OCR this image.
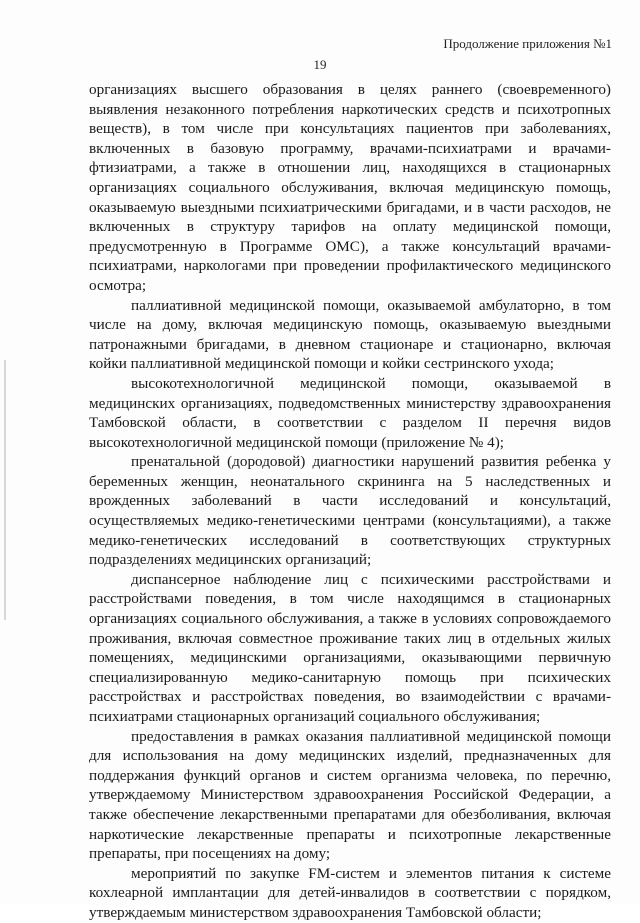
Продолжение приложения №1
19

организациях высшего образования в целях раннего (своевременного) выявления незаконного потребления наркотических средств и психотропных веществ), в том числе при консультациях пациентов при заболеваниях, включенных в базовую программу, врачами-психиатрами и врачами-фтизиатрами, а также в отношении лиц, находящихся в стационарных организациях социального обслуживания, включая медицинскую помощь, оказываемую выездными психиатрическими бригадами, и в части расходов, не включенных в структуру тарифов на оплату медицинской помощи, предусмотренную в Программе ОМС), а также консультаций врачами-психиатрами, наркологами при проведении профилактического медицинского осмотра;

паллиативной медицинской помощи, оказываемой амбулаторно, в том числе на дому, включая медицинскую помощь, оказываемую выездными патронажными бригадами, в дневном стационаре и стационарно, включая койки паллиативной медицинской помощи и койки сестринского ухода;

высокотехнологичной медицинской помощи, оказываемой в медицинских организациях, подведомственных министерству здравоохранения Тамбовской области, в соответствии с разделом II перечня видов высокотехнологичной медицинской помощи (приложение № 4);

пренатальной (дородовой) диагностики нарушений развития ребенка у беременных женщин, неонатального скрининга на 5 наследственных и врожденных заболеваний в части исследований и консультаций, осуществляемых медико-генетическими центрами (консультациями), а также медико-генетических исследований в соответствующих структурных подразделениях медицинских организаций;

диспансерное наблюдение лиц с психическими расстройствами и расстройствами поведения, в том числе находящимся в стационарных организациях социального обслуживания, а также в условиях сопровождаемого проживания, включая совместное проживание таких лиц в отдельных жилых помещениях, медицинскими организациями, оказывающими первичную специализированную медико-санитарную помощь при психических расстройствах и расстройствах поведения, во взаимодействии с врачами-психиатрами стационарных организаций социального обслуживания;

предоставления в рамках оказания паллиативной медицинской помощи для использования на дому медицинских изделий, предназначенных для поддержания функций органов и систем организма человека, по перечню, утверждаемому Министерством здравоохранения Российской Федерации, а также обеспечение лекарственными препаратами для обезболивания, включая наркотические лекарственные препараты и психотропные лекарственные препараты, при посещениях на дому;

мероприятий по закупке FM-систем и элементов питания к системе кохлеарной имплантации для детей-инвалидов в соответствии с порядком, утверждаемым министерством здравоохранения Тамбовской области;
